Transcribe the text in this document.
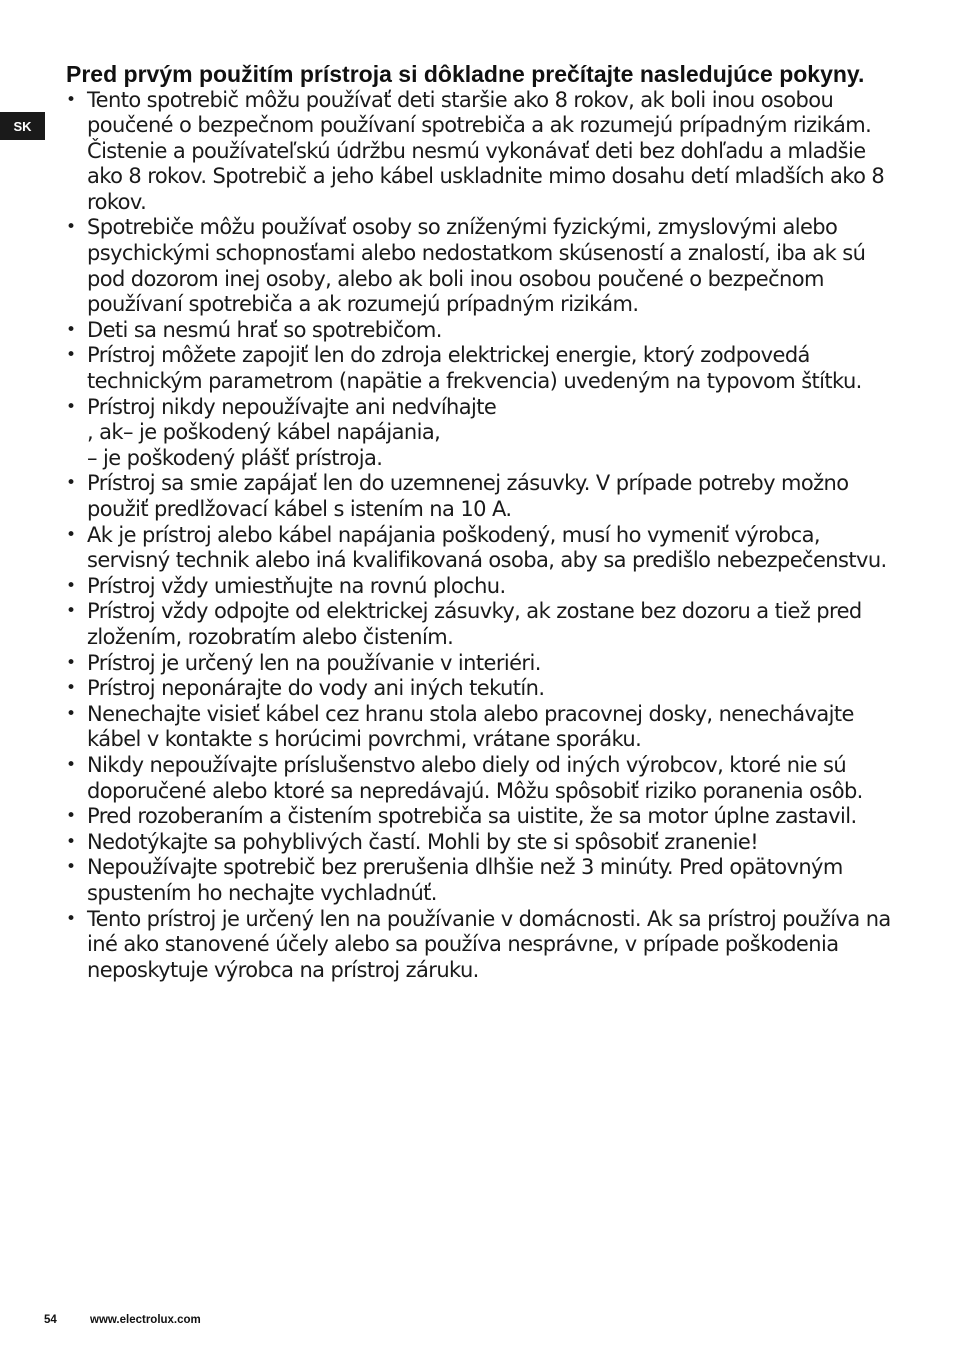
SK
Pred prvým použitím prístroja si dôkladne prečítajte nasledujúce pokyny.
• Tento spotrebič môžu používať deti staršie ako 8 rokov, ak boli inou osobou poučené o bezpečnom používaní spotrebiča a ak rozumejú prípadným rizikám. Čistenie a používateľskú údržbu nesmú vykonávať deti bez dohľadu a mladšie ako 8 rokov. Spotrebič a jeho kábel uskladnite mimo dosahu detí mladších ako 8 rokov.
• Spotrebiče môžu používať osoby so zníženými fyzickými, zmyslovými alebo psychickými schopnosťami alebo nedostatkom skúseností a znalostí, iba ak sú pod dozorom inej osoby, alebo ak boli inou osobou poučené o bezpečnom používaní spotrebiča a ak rozumejú prípadným rizikám.
• Deti sa nesmú hrať so spotrebičom.
• Prístroj môžete zapojiť len do zdroja elektrickej energie, ktorý zodpovedá technickým parametrom (napätie a frekvencia) uvedeným na typovom štítku.
• Prístroj nikdy nepoužívajte ani nedvíhajte
, ak– je poškodený kábel napájania,
– je poškodený plášť prístroja.
• Prístroj sa smie zapájať len do uzemnenej zásuvky. V prípade potreby možno použiť predlžovací kábel s istením na 10 A.
• Ak je prístroj alebo kábel napájania poškodený, musí ho vymeniť výrobca, servisný technik alebo iná kvalifikovaná osoba, aby sa predišlo nebezpečenstvu.
• Prístroj vždy umiestňujte na rovnú plochu.
• Prístroj vždy odpojte od elektrickej zásuvky, ak zostane bez dozoru a tiež pred zložením, rozobratím alebo čistením.
• Prístroj je určený len na používanie v interiéri.
• Prístroj neponárajte do vody ani iných tekutín.
• Nenechajte visieť kábel cez hranu stola alebo pracovnej dosky, nenechávajte kábel v kontakte s horúcimi povrchmi, vrátane sporáku.
• Nikdy nepoužívajte príslušenstvo alebo diely od iných výrobcov, ktoré nie sú doporučené alebo ktoré sa nepredávajú. Môžu spôsobiť riziko poranenia osôb.
• Pred rozoberaním a čistením spotrebiča sa uistite, že sa motor úplne zastavil.
• Nedotýkajte sa pohyblivých častí. Mohli by ste si spôsobiť zranenie!
• Nepoužívajte spotrebič bez prerušenia dlhšie než 3 minúty. Pred opätovným spustením ho nechajte vychladnúť.
• Tento prístroj je určený len na používanie v domácnosti. Ak sa prístroj používa na iné ako stanovené účely alebo sa používa nesprávne, v prípade poškodenia neposkytuje výrobca na prístroj záruku.
54	www.electrolux.com
